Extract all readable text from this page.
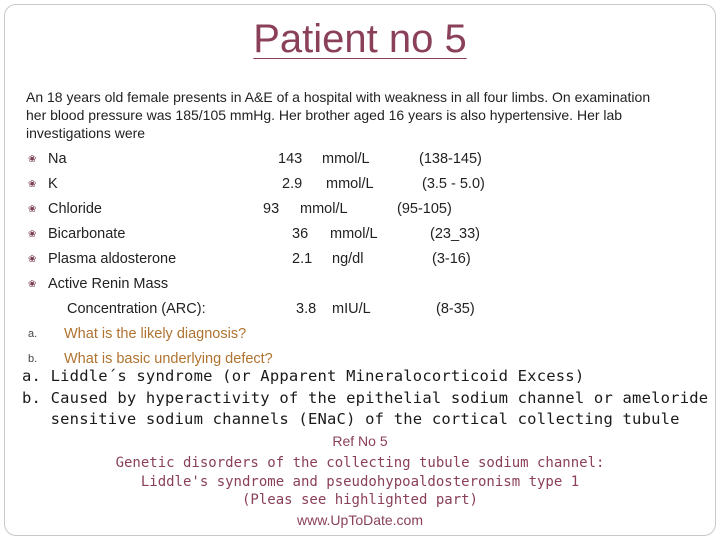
Patient no 5
An 18 years old female presents in A&E of a hospital with weakness in all four limbs. On examination her blood pressure was 185/105 mmHg. Her brother aged 16 years is also hypertensive. Her lab investigations were
❀ Na	143 mmol/L	(138-145)
❀ K	2.9 mmol/L	(3.5 - 5.0)
❀ Chloride	93 mmol/L	(95-105)
❀ Bicarbonate	36 mmol/L	(23_33)
❀ Plasma aldosterone	2.1 ng/dl	(3-16)
❀ Active Renin Mass
Concentration (ARC):	3.8 mIU/L	(8-35)
a. What is the likely diagnosis?
b. What is basic underlying defect?
a. Liddle´s syndrome (or Apparent Mineralocorticoid Excess)
b. Caused by hyperactivity of the epithelial sodium channel or ameloride
sensitive sodium channels (ENaC) of the cortical collecting tubule
Ref No 5
Genetic disorders of the collecting tubule sodium channel:
Liddle's syndrome and pseudohypoaldosteronism type 1
(Pleas see highlighted part)
www.UpToDate.com
